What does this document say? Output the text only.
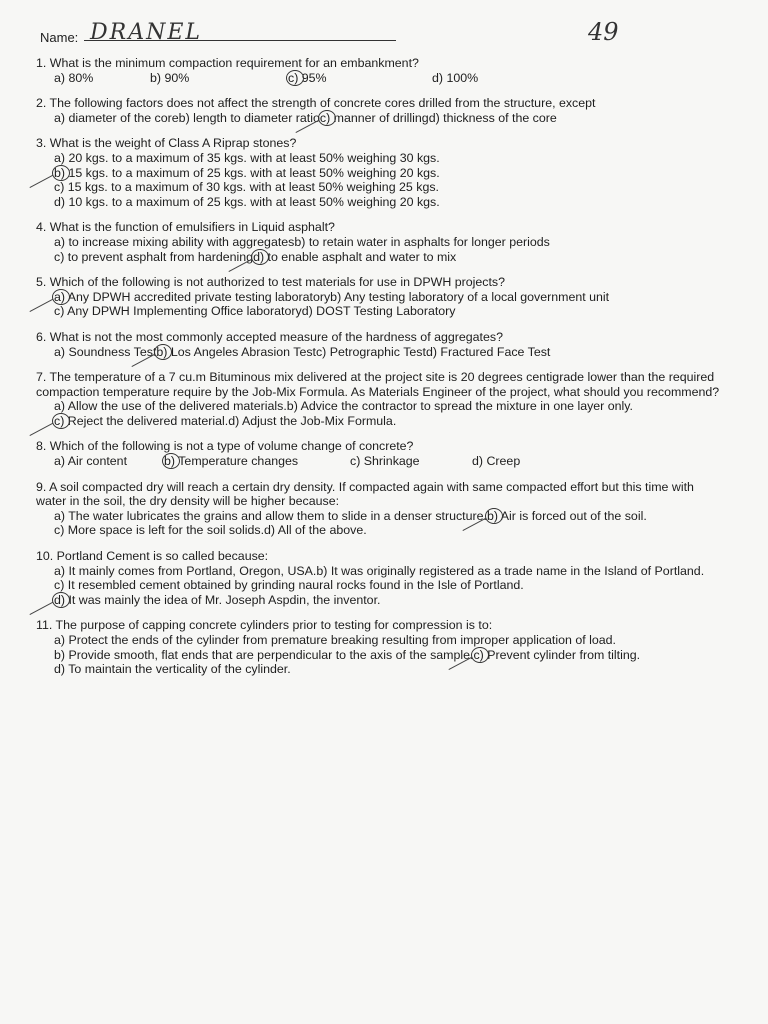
Name: DRANEL	49

1. What is the minimum compaction requirement for an embankment?

a) 80%	b) 90%	c) 95%	d) 100%

2. The following factors does not affect the strength of concrete cores drilled from the structure, except

a) diameter of the coreb) length to diameter ratio
c) manner of drillingd) thickness of the core

3. What is the weight of Class A Riprap stones?

a) 20 kgs. to a maximum of 35 kgs. with at least 50% weighing 30 kgs.
b) 15 kgs. to a maximum of 25 kgs. with at least 50% weighing 20 kgs.c) 15 kgs. to a maximum of 30 kgs. with at least 50% weighing 25 kgs.d) 10 kgs. to a maximum of 25 kgs. with at least 50% weighing 20 kgs.

4. What is the function of emulsifiers in Liquid asphalt?

a) to increase mixing ability with aggregatesb) to retain water in asphalts for longer periodsc) to prevent asphalt from hardening
d) to enable asphalt and water to mix

5. Which of the following is not authorized to test materials for use in DPWH projects?

a) Any DPWH accredited private testing laboratoryb) Any testing laboratory of a local government unitc) Any DPWH Implementing Office laboratoryd) DOST Testing Laboratory

6. What is not the most commonly accepted measure of the hardness of aggregates?

a) Soundness Test
b) Los Angeles Abrasion Testc) Petrographic Testd) Fractured Face Test

7. The temperature of a 7 cu.m Bituminous mix delivered at the project site is 20 degrees centigrade lower than the required compaction temperature require by the Job-Mix Formula. As Materials Engineer of the project, what should you recommend?

a) Allow the use of the delivered materials.b) Advice the contractor to spread the mixture in one layer only.
c) Reject the delivered material.d) Adjust the Job-Mix Formula.

8. Which of the following is not a type of volume change of concrete?

a) Air content	b) Temperature changes	c) Shrinkage	d) Creep

9. A soil compacted dry will reach a certain dry density. If compacted again with same compacted effort but this time with water in the soil, the dry density will be higher because:

a) The water lubricates the grains and allow them to slide in a denser structure.
b) Air is forced out of the soil.c) More space is left for the soil solids.d) All of the above.

10. Portland Cement is so called because:

a) It mainly comes from Portland, Oregon, USA.b) It was originally registered as a trade name in the Island of Portland.c) It resembled cement obtained by grinding naural rocks found in the Isle of Portland.
d) It was mainly the idea of Mr. Joseph Aspdin, the inventor.

11. The purpose of capping concrete cylinders prior to testing for compression is to:

a) Protect the ends of the cylinder from premature breaking resulting from improper application of load.b) Provide smooth, flat ends that are perpendicular to the axis of the sample.
c) Prevent cylinder from tilting.d) To maintain the verticality of the cylinder.
